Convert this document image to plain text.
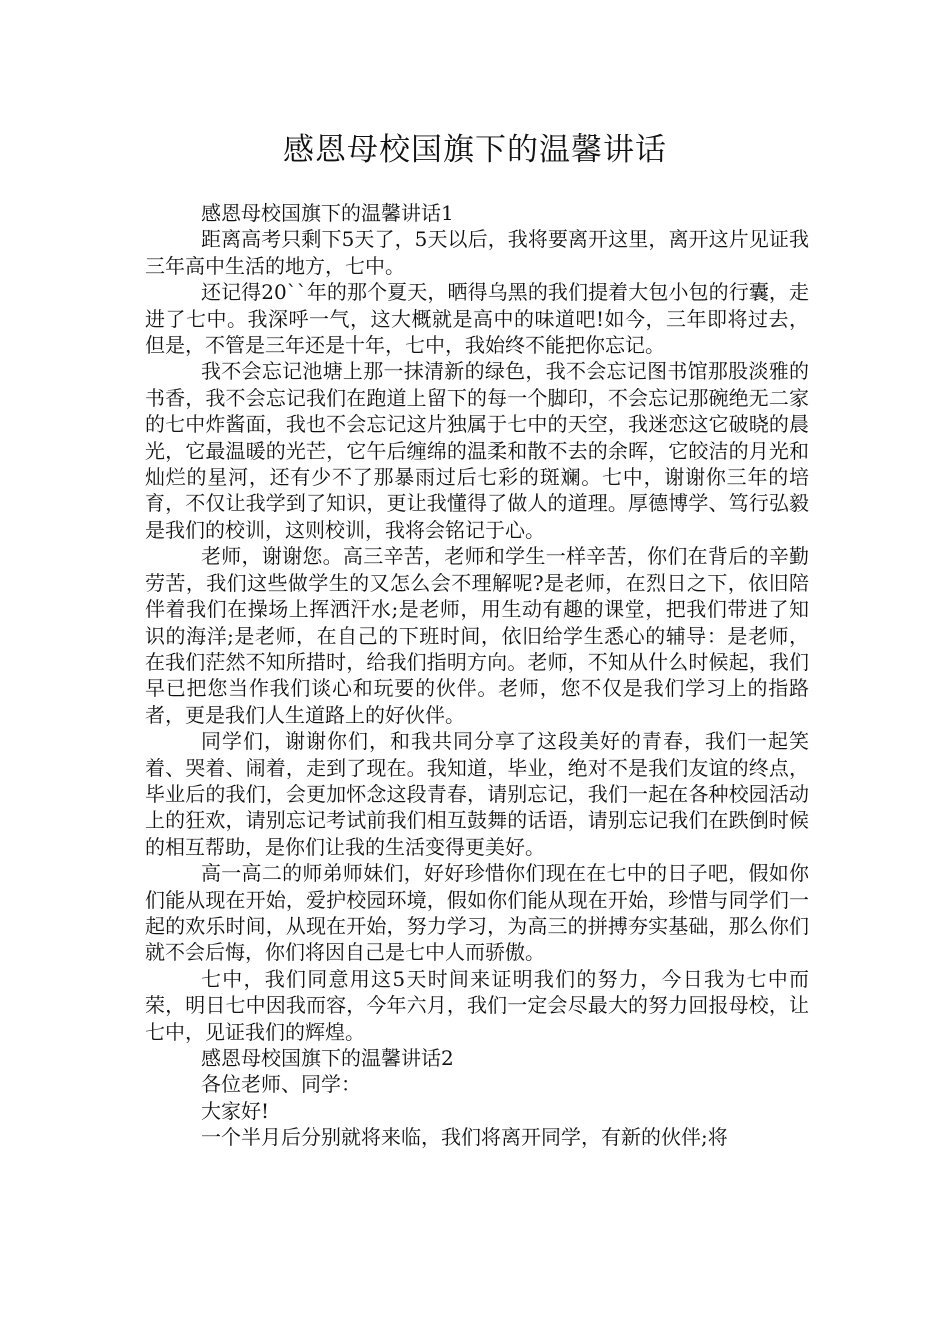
感恩母校国旗下的温馨讲话

感恩母校国旗下的温馨讲话1

距离高考只剩下5天了，5天以后，我将要离开这里，离开这片见证我三年高中生活的地方，七中。

还记得20``年的那个夏天，晒得乌黑的我们提着大包小包的行囊，走进了七中。我深呼一气，这大概就是高中的味道吧!如今，三年即将过去，但是，不管是三年还是十年，七中，我始终不能把你忘记。

我不会忘记池塘上那一抹清新的绿色，我不会忘记图书馆那股淡雅的书香，我不会忘记我们在跑道上留下的每一个脚印，不会忘记那碗绝无二家的七中炸酱面，我也不会忘记这片独属于七中的天空，我迷恋这它破晓的晨光，它最温暖的光芒，它午后缠绵的温柔和散不去的余晖，它皎洁的月光和灿烂的星河，还有少不了那暴雨过后七彩的斑斓。七中，谢谢你三年的培育，不仅让我学到了知识，更让我懂得了做人的道理。厚德博学、笃行弘毅是我们的校训，这则校训，我将会铭记于心。

老师，谢谢您。高三辛苦，老师和学生一样辛苦，你们在背后的辛勤劳苦，我们这些做学生的又怎么会不理解呢?是老师，在烈日之下，依旧陪伴着我们在操场上挥洒汗水;是老师，用生动有趣的课堂，把我们带进了知识的海洋;是老师，在自己的下班时间，依旧给学生悉心的辅导：是老师，在我们茫然不知所措时，给我们指明方向。老师，不知从什么时候起，我们早已把您当作我们谈心和玩要的伙伴。老师，您不仅是我们学习上的指路者，更是我们人生道路上的好伙伴。

同学们，谢谢你们，和我共同分享了这段美好的青春，我们一起笑着、哭着、闹着，走到了现在。我知道，毕业，绝对不是我们友谊的终点，毕业后的我们，会更加怀念这段青春，请别忘记，我们一起在各种校园活动上的狂欢，请别忘记考试前我们相互鼓舞的话语，请别忘记我们在跌倒时候的相互帮助，是你们让我的生活变得更美好。

高一高二的师弟师妹们，好好珍惜你们现在在七中的日子吧，假如你们能从现在开始，爱护校园环境，假如你们能从现在开始，珍惜与同学们一起的欢乐时间，从现在开始，努力学习，为高三的拼搏夯实基础，那么你们就不会后悔，你们将因自己是七中人而骄傲。

七中，我们同意用这5天时间来证明我们的努力，今日我为七中而荣，明日七中因我而容，今年六月，我们一定会尽最大的努力回报母校，让七中，见证我们的辉煌。

感恩母校国旗下的温馨讲话2

各位老师、同学：

大家好!

一个半月后分别就将来临，我们将离开同学，有新的伙伴;将
